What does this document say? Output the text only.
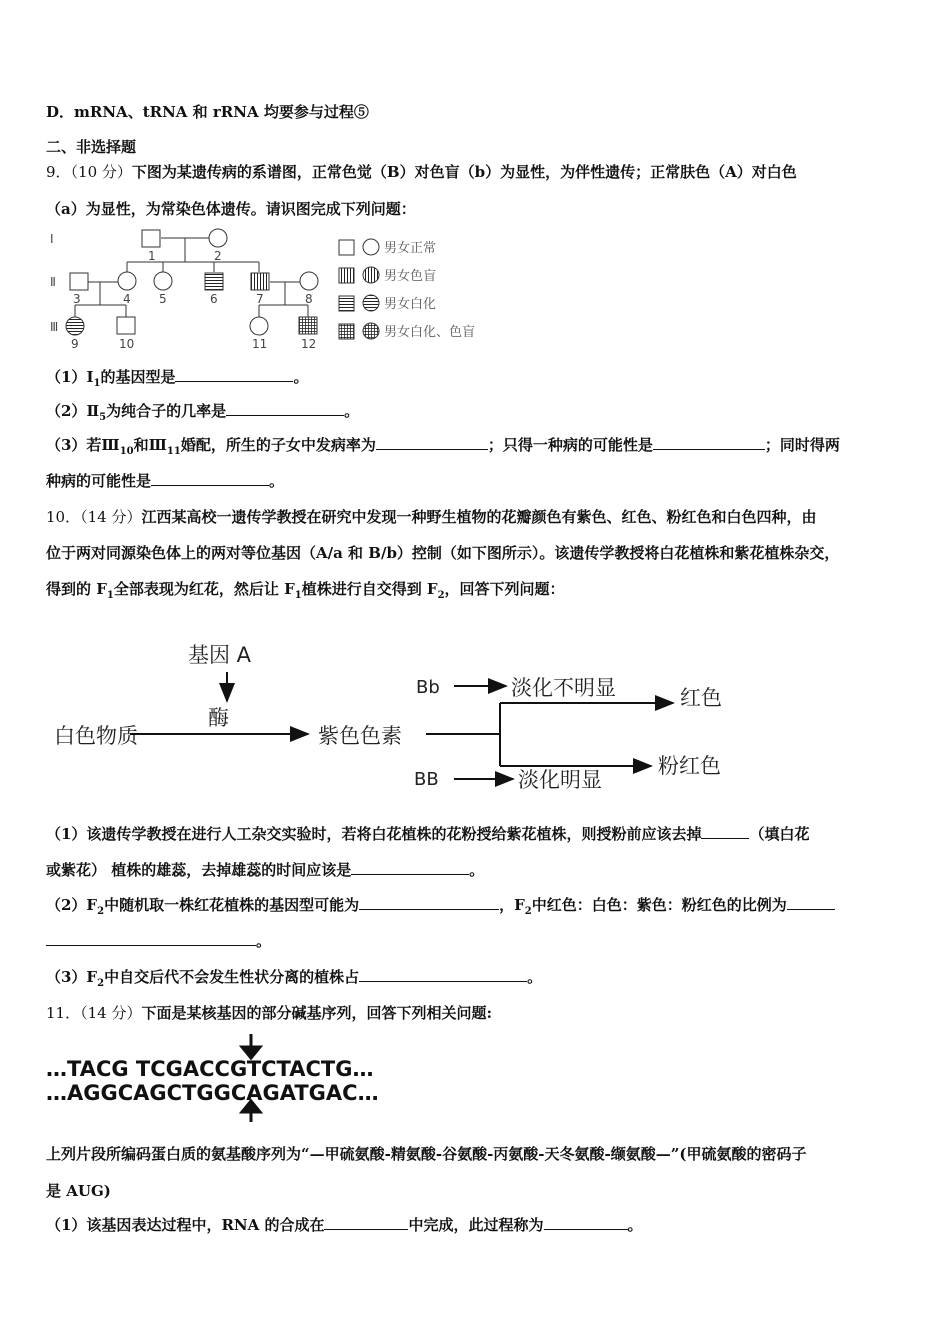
D．mRNA、tRNA 和 rRNA 均要参与过程⑤
二、非选择题
9．（10 分）下图为某遗传病的系谱图，正常色觉（B）对色盲（b）为显性，为伴性遗传；正常肤色（A）对白色
（a）为显性，为常染色体遗传。请识图完成下列问题：
Ⅰ
Ⅱ
Ⅲ
1	2
3	4 5	6	7	8
9	10	11	12
男女正常
男女色盲
男女白化
男女白化、色盲
$(1)Ⅰ_1$的基因型是	。
$(2)Ⅱ_5$为纯合子的几率是	。
（3）若$Ⅲ_{10}$和$Ⅲ_{11}$婚配，所生的子女中发病率为	；只得一种病的可能性是	；同时得两
种病的可能性是	。
10．（14 分）江西某高校一遗传学教授在研究中发现一种野生植物的花瓣颜色有紫色、红色、粉红色和白色四种，由
位于两对同源染色体上的两对等位基因（A/a 和 B/b）控制（如下图所示）。该遗传学教授将白花植株和紫花植株杂交，
得到的 $F_1$全部表现为红花，然后让 $F_1$植株进行自交得到 $F_2$，回答下列问题：
基因 A
酶
白色物质	紫色色素
淡化不明显	红色
淡化明显
粉红色
Bb
BB
（1）该遗传学教授在进行人工杂交实验时，若将白花植株的花粉授给紫花植株，则授粉前应该去掉	（填白花
或紫花） 植株的雄蕊，去掉雄蕊的时间应该是	。
$(2)F_2$中随机取一株红花植株的基因型可能为	，$F_2$中红色：白色：紫色：粉红色的比例为
。
$(3)F_2$中自交后代不会发生性状分离的植株占	。
11．（14 分）下面是某核基因的部分碱基序列，回答下列相关问题:
…TACG TCGACCGTCTACTG…
…AGGCAGCTGGCAGATGAC…
上列片段所编码蛋白质的氨基酸序列为“—甲硫氨酸-精氨酸-谷氨酸-丙氨酸-天冬氨酸-缬氨酸—”(甲硫氨酸的密码子
是 AUG)
（1）该基因表达过程中，RNA 的合成在	中完成，此过程称为	。
